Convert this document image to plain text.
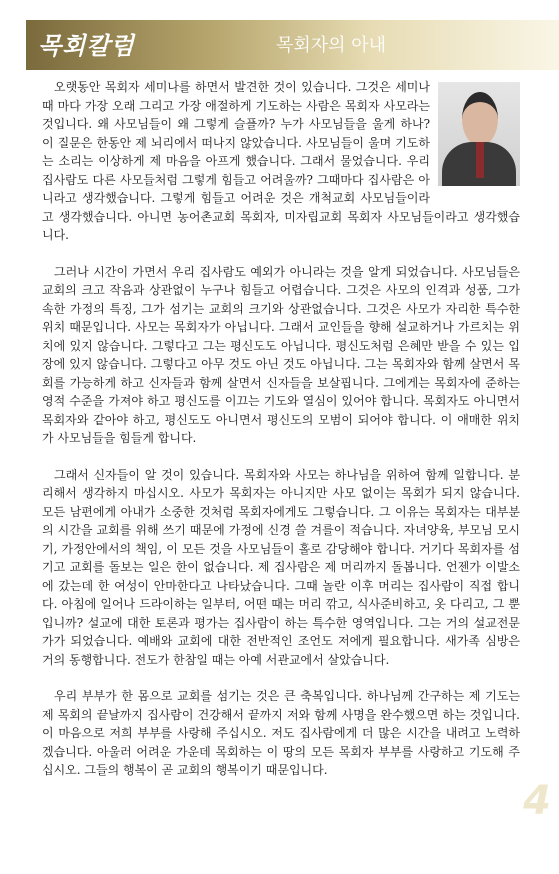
목회칼럼	목회자의 아내

오랫동안 목회자 세미나를 하면서 발견한 것이 있습니다. 그것은 세미나 때 마다 가장 오래 그리고 가장 애절하게 기도하는 사람은 목회자 사모라는 것입니다. 왜 사모님들이 왜 그렇게 슬플까? 누가 사모님들을 울게 하나? 이 질문은 한동안 제 뇌리에서 떠나지 않았습니다. 사모님들이 울며 기도하는 소리는 이상하게 제 마음을 아프게 했습니다. 그래서 물었습니다. 우리 집사람도 다른 사모들처럼 그렇게 힘들고 어려울까? 그때마다 집사람은 아니라고 생각했습니다. 그렇게 힘들고 어려운 것은 개척교회 사모님들이라고 생각했습니다. 아니면 농어촌교회 목회자, 미자립교회 목회자 사모님들이라고 생각했습니다.

그러나 시간이 가면서 우리 집사람도 예외가 아니라는 것을 알게 되었습니다. 사모님들은 교회의 크고 작음과 상관없이 누구나 힘들고 어렵습니다. 그것은 사모의 인격과 성품, 그가 속한 가정의 특징, 그가 섬기는 교회의 크기와 상관없습니다. 그것은 사모가 자리한 특수한 위치 때문입니다. 사모는 목회자가 아닙니다. 그래서 교인들을 향해 설교하거나 가르치는 위치에 있지 않습니다. 그렇다고 그는 평신도도 아닙니다. 평신도처럼 은혜만 받을 수 있는 입장에 있지 않습니다. 그렇다고 아무 것도 아닌 것도 아닙니다. 그는 목회자와 함께 살면서 목회를 가능하게 하고 신자들과 함께 살면서 신자들을 보살핍니다. 그에게는 목회자에 준하는 영적 수준을 가져야 하고 평신도를 이끄는 기도와 열심이 있어야 합니다. 목회자도 아니면서 목회자와 같아야 하고, 평신도도 아니면서 평신도의 모범이 되어야 합니다. 이 애매한 위치가 사모님들을 힘들게 합니다.

그래서 신자들이 알 것이 있습니다. 목회자와 사모는 하나님을 위하여 함께 일합니다. 분리해서 생각하지 마십시오. 사모가 목회자는 아니지만 사모 없이는 목회가 되지 않습니다. 모든 남편에게 아내가 소중한 것처럼 목회자에게도 그렇습니다. 그 이유는 목회자는 대부분의 시간을 교회를 위해 쓰기 때문에 가정에 신경 쓸 겨를이 적습니다. 자녀양육, 부모님 모시기, 가정안에서의 책임, 이 모든 것을 사모님들이 홀로 감당해야 합니다. 거기다 목회자를 섬기고 교회를 돌보는 일은 한이 없습니다. 제 집사람은 제 머리까지 돌봅니다. 언젠가 이발소에 갔는데 한 여성이 안마한다고 나타났습니다. 그때 놀란 이후 머리는 집사람이 직접 합니다. 아침에 일어나 드라이하는 일부터, 어떤 때는 머리 깎고, 식사준비하고, 옷 다리고, 그 뿐 입니까? 설교에 대한 토론과 평가는 집사람이 하는 특수한 영역입니다. 그는 거의 설교전문가가 되었습니다. 예배와 교회에 대한 전반적인 조언도 저에게 필요합니다. 새가족 심방은 거의 동행합니다. 전도가 한참일 때는 아예 서관교에서 살았습니다.

우리 부부가 한 몸으로 교회를 섬기는 것은 큰 축복입니다. 하나님께 간구하는 제 기도는 제 목회의 끝날까지 집사람이 건강해서 끝까지 저와 함께 사명을 완수했으면 하는 것입니다. 이 마음으로 저희 부부를 사랑해 주십시오. 저도 집사람에게 더 많은 시간을 내려고 노력하겠습니다. 아울러 어려운 가운데 목회하는 이 땅의 모든 목회자 부부를 사랑하고 기도해 주십시오. 그들의 행복이 곧 교회의 행복이기 때문입니다.

4
